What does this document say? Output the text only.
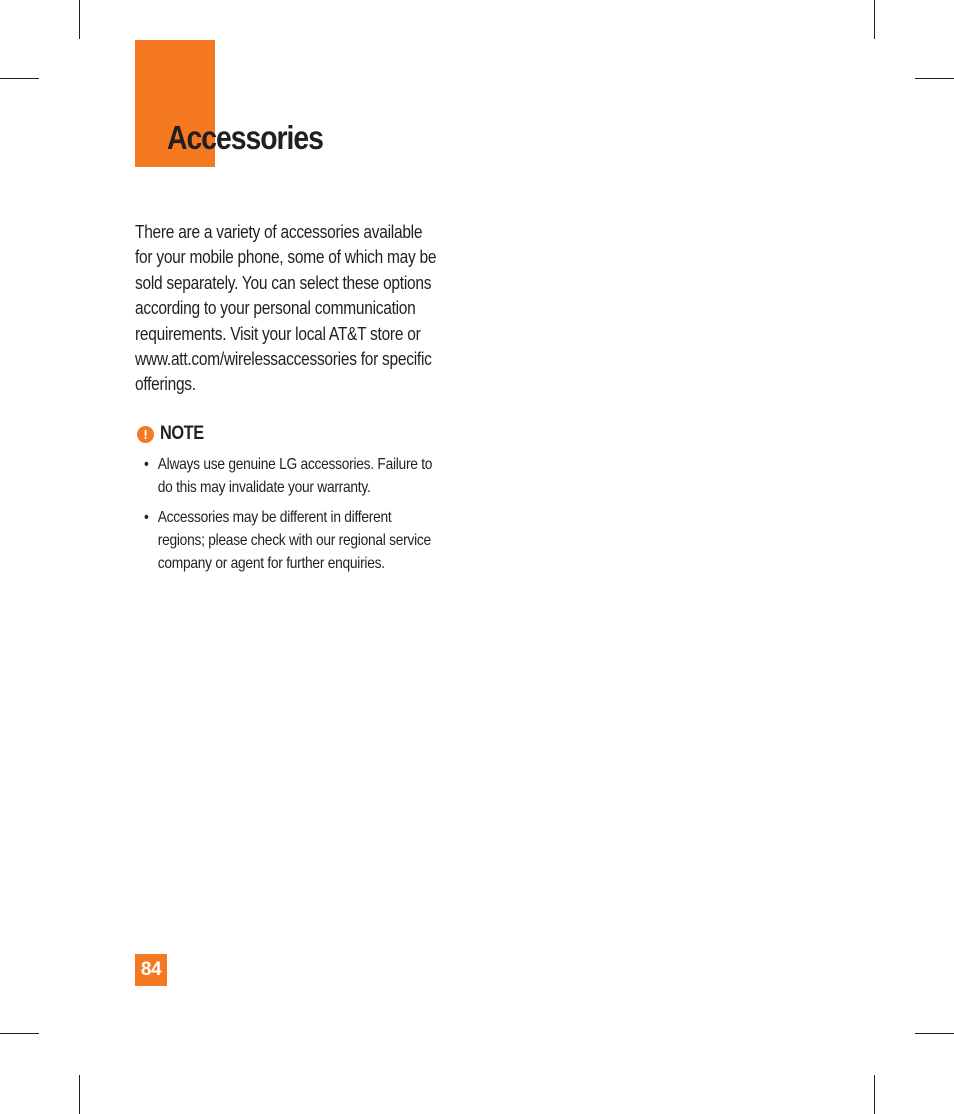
Accessories

There are a variety of accessories available
for your mobile phone, some of which may be
sold separately. You can select these options
according to your personal communication
requirements. Visit your local AT&T store or
www.att.com/wirelessaccessories for specific
offerings.

! NOTE
• Always use genuine LG accessories. Failure to
do this may invalidate your warranty.
• Accessories may be different in different
regions; please check with our regional service
company or agent for further enquiries.
84
